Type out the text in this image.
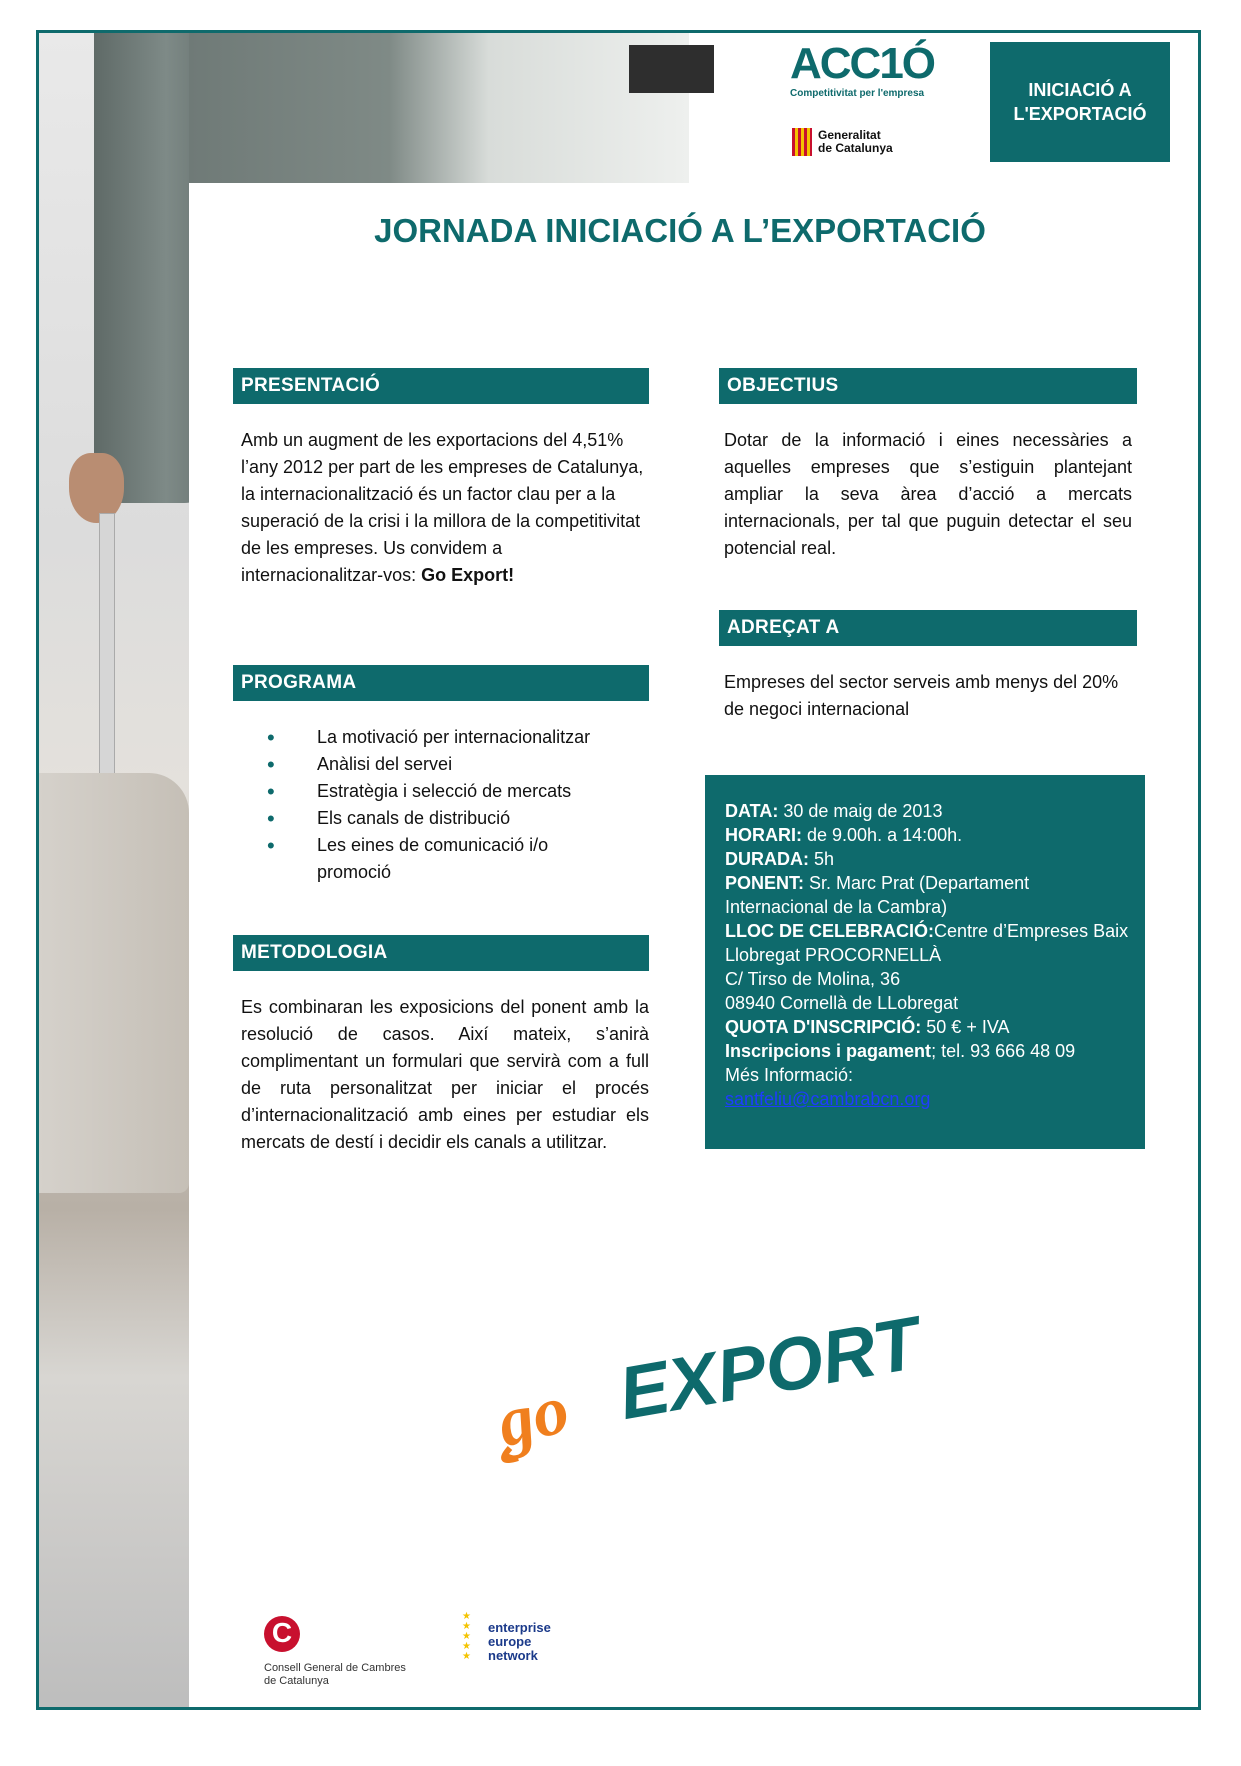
ACC1Ó
Competitivitat per l'empresa
Generalitat
de Catalunya
INICIACIÓ A
L'EXPORTACIÓ
JORNADA INICIACIÓ A L’EXPORTACIÓ
PRESENTACIÓ
Amb un augment de les exportacions del 4,51% l’any 2012 per part de les empreses de Catalunya, la internacionalització és un factor clau per a la superació de la crisi i la millora de la competitivitat de les empreses. Us convidem a internacionalitzar-vos: Go Export!
PROGRAMA
• La motivació per internacionalitzar
• Anàlisi del servei
• Estratègia i selecció de mercats
• Els canals de distribució
• Les eines de comunicació i/o promoció
METODOLOGIA
Es combinaran les exposicions del ponent amb la resolució de casos. Així mateix, s’anirà complimentant un formulari que servirà com a full de ruta personalitzat per iniciar el procés d’internacionalització amb eines per estudiar els mercats de destí i decidir els canals a utilitzar.
OBJECTIUS
Dotar de la informació i eines necessàries a aquelles empreses que s’estiguin plantejant ampliar la seva àrea d’acció a mercats internacionals, per tal que puguin detectar el seu potencial real.
ADREÇAT A
Empreses del sector serveis amb menys del 20% de negoci internacional
DATA: 30 de maig de 2013
HORARI: de 9.00h. a 14:00h.
DURADA: 5h
PONENT: Sr. Marc Prat (Departament Internacional de la Cambra)
LLOC DE CELEBRACIÓ:Centre d’Empreses Baix Llobregat PROCORNELLÀ
C/ Tirso de Molina, 36
08940 Cornellà de LLobregat
QUOTA D'INSCRIPCIÓ: 50 € + IVA
Inscripcions i pagament; tel. 93 666 48 09
Més Informació:
santfeliu@cambrabcn.org
EXPORT
go
C
Consell General de Cambres
de Catalunya
★
★
★
★
★
enterprise
europe
network
